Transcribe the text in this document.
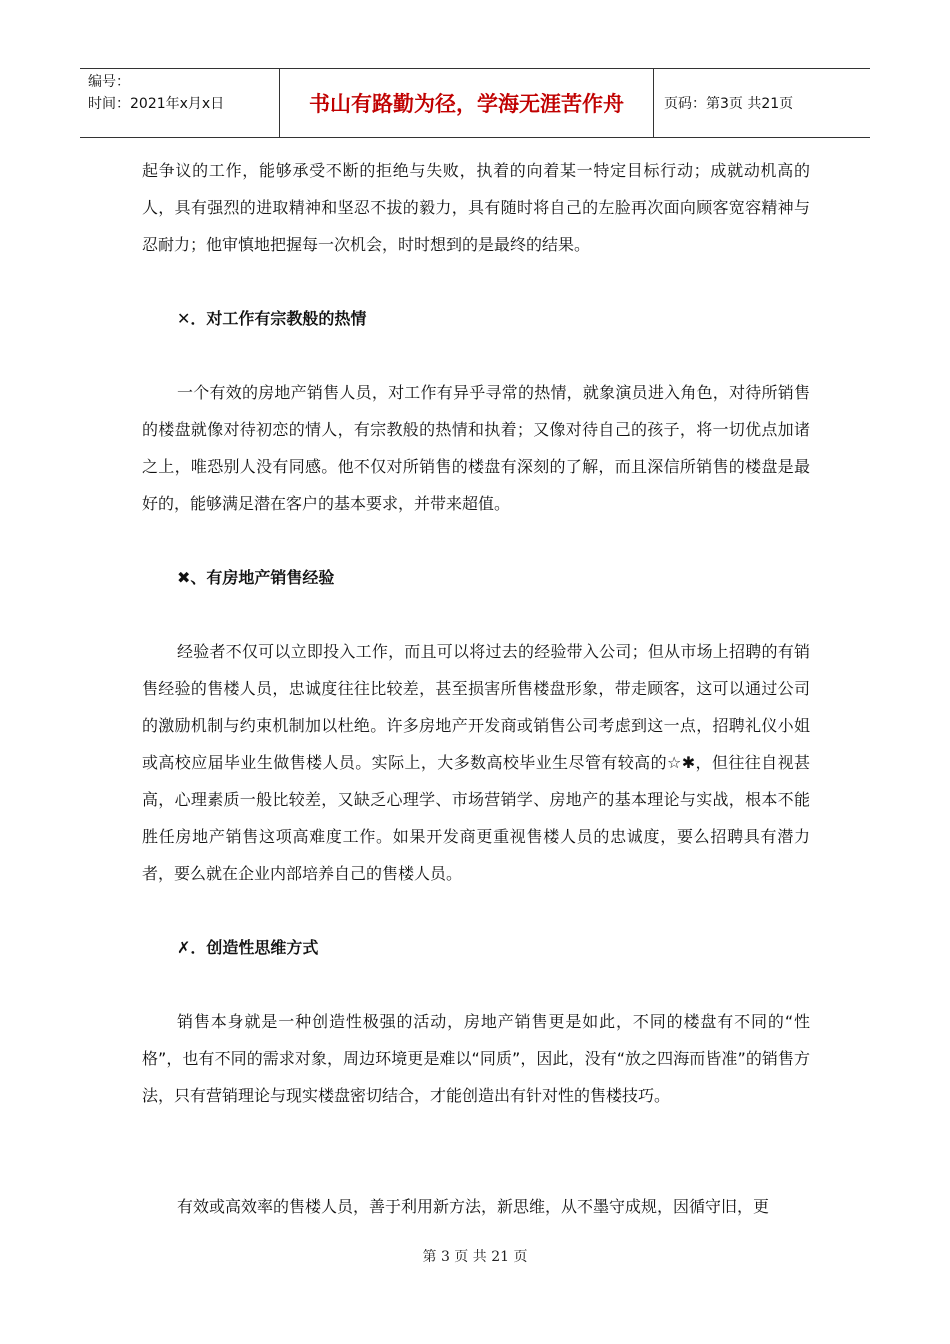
编号：
时间：2021年x月x日	书山有路勤为径，学海无涯苦作舟	页码：第3页 共21页

起争议的工作，能够承受不断的拒绝与失败，执着的向着某一特定目标行动；成就动机高的人，具有强烈的进取精神和坚忍不拔的毅力，具有随时将自己的左脸再次面向顾客宽容精神与忍耐力；他审慎地把握每一次机会，时时想到的是最终的结果。

✕．对工作有宗教般的热情

一个有效的房地产销售人员，对工作有异乎寻常的热情，就象演员进入角色，对待所销售的楼盘就像对待初恋的情人，有宗教般的热情和执着；又像对待自己的孩子，将一切优点加诸之上，唯恐别人没有同感。他不仅对所销售的楼盘有深刻的了解，而且深信所销售的楼盘是最好的，能够满足潜在客户的基本要求，并带来超值。

✖、有房地产销售经验

经验者不仅可以立即投入工作，而且可以将过去的经验带入公司；但从市场上招聘的有销售经验的售楼人员，忠诚度往往比较差，甚至损害所售楼盘形象，带走顾客，这可以通过公司的激励机制与约束机制加以杜绝。许多房地产开发商或销售公司考虑到这一点，招聘礼仪小姐或高校应届毕业生做售楼人员。实际上，大多数高校毕业生尽管有较高的☆✱，但往往自视甚高，心理素质一般比较差，又缺乏心理学、市场营销学、房地产的基本理论与实战，根本不能胜任房地产销售这项高难度工作。如果开发商更重视售楼人员的忠诚度，要么招聘具有潜力者，要么就在企业内部培养自己的售楼人员。

✗．创造性思维方式

销售本身就是一种创造性极强的活动，房地产销售更是如此，不同的楼盘有不同的“性格”，也有不同的需求对象，周边环境更是难以“同质”，因此，没有“放之四海而皆准”的销售方法，只有营销理论与现实楼盘密切结合，才能创造出有针对性的售楼技巧。

有效或高效率的售楼人员，善于利用新方法，新思维，从不墨守成规，因循守旧，更

第 3 页 共 21 页
